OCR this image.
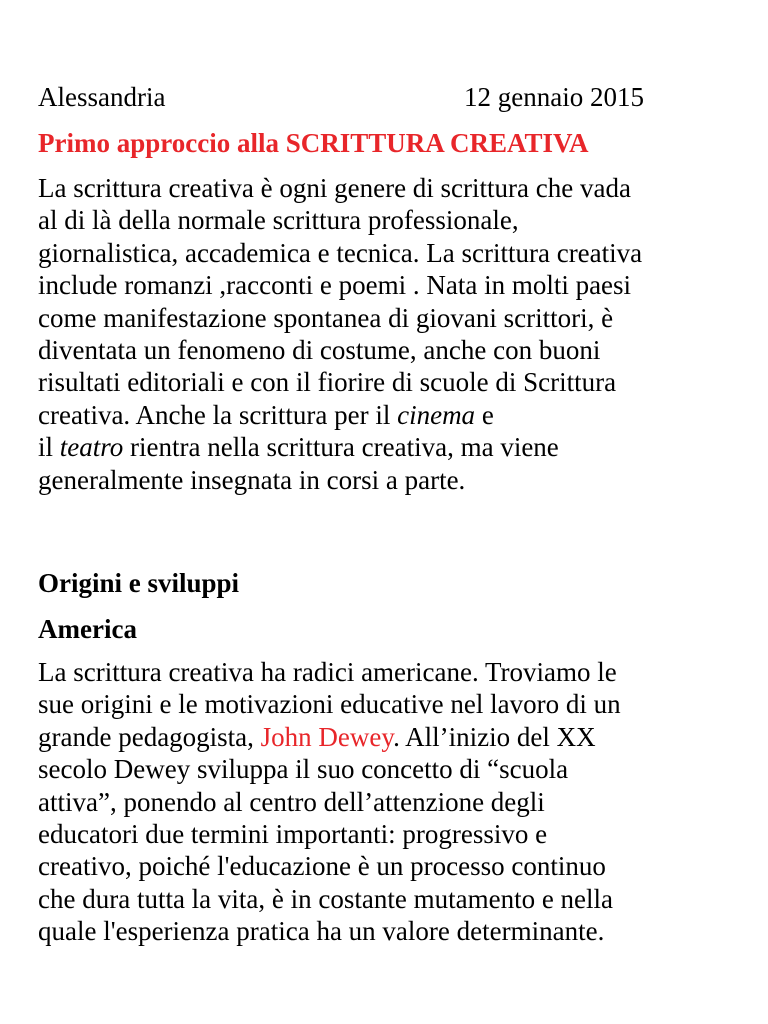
Alessandria	12 gennaio 2015
Primo approccio alla SCRITTURA CREATIVA
La scrittura creativa è ogni genere di scrittura che vada
al di là della normale scrittura professionale,
giornalistica, accademica e tecnica. La scrittura creativa
include romanzi ,racconti e poemi . Nata in molti paesi
come manifestazione spontanea di giovani scrittori, è
diventata un fenomeno di costume, anche con buoni
risultati editoriali e con il fiorire di scuole di Scrittura
creativa. Anche la scrittura per il cinema e
il teatro rientra nella scrittura creativa, ma viene
generalmente insegnata in corsi a parte.
Origini e sviluppi
America
La scrittura creativa ha radici americane. Troviamo le
sue origini e le motivazioni educative nel lavoro di un
grande pedagogista, John Dewey. All’inizio del XX
secolo Dewey sviluppa il suo concetto di “scuola
attiva”, ponendo al centro dell’attenzione degli
educatori due termini importanti: progressivo e
creativo, poiché l'educazione è un processo continuo
che dura tutta la vita, è in costante mutamento e nella
quale l'esperienza pratica ha un valore determinante.
